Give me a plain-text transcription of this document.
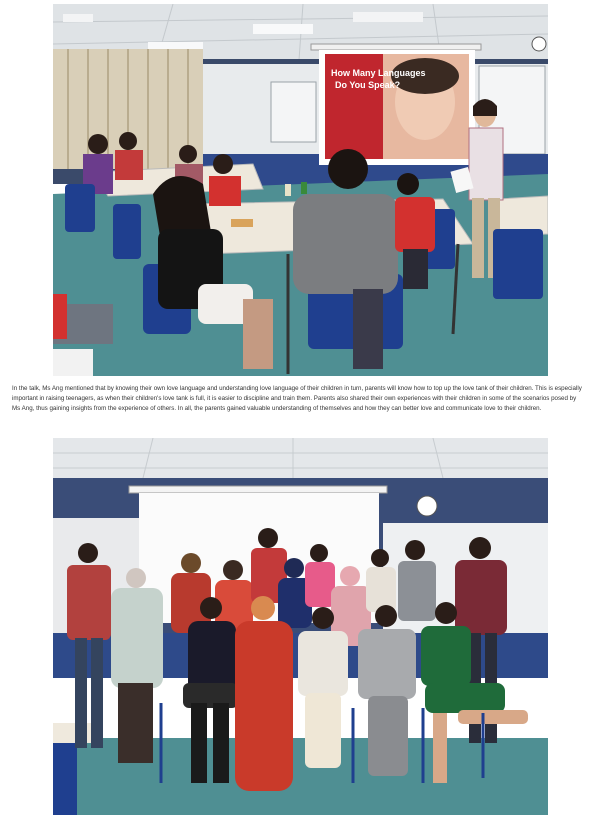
How Many Languages
Do You Speak?

In the talk, Ms Ang mentioned that by knowing their own love language and understanding love language of their children in turn, parents will know how to top up the love tank of their children. This is especially important in raising teenagers, as when their children's love tank is full, it is easier to discipline and train them. Parents also shared their own experiences with their children in some of the scenarios posed by Ms Ang, thus gaining insights from the experience of others. In all, the parents gained valuable understanding of themselves and how they can better love and communicate love to their children.
